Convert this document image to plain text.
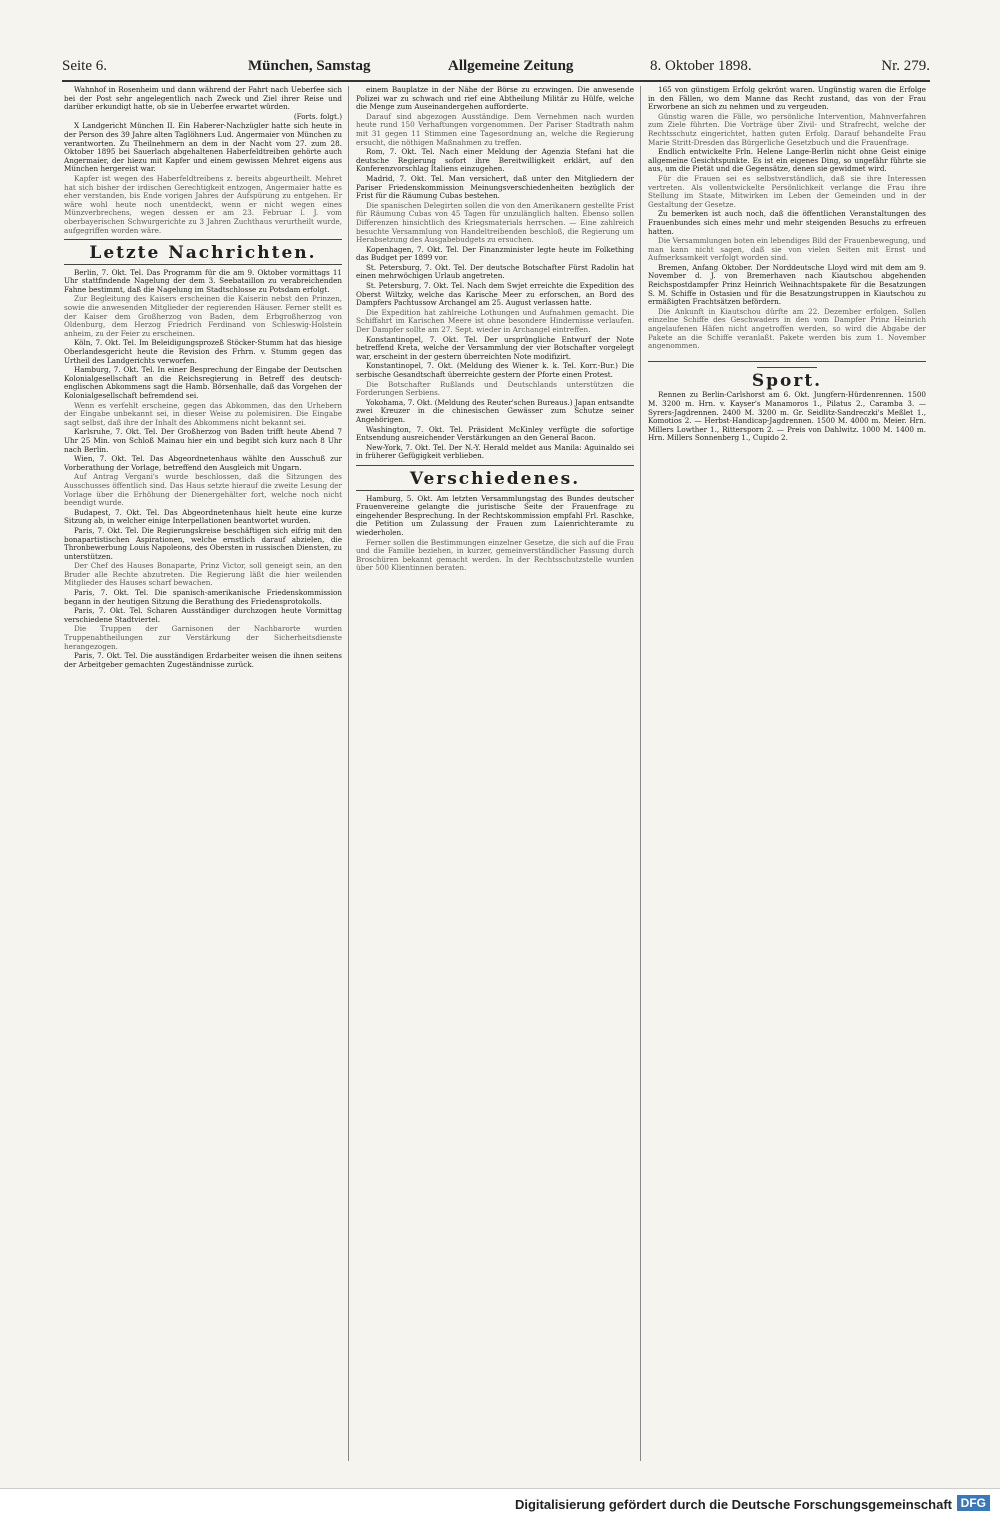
Seite 6.	München, Samstag	Allgemeine Zeitung	8. Oktober 1898.	Nr. 279.

Wahnhof in Rosenheim und dann während der Fahrt nach Ueberfee sich bei der Post sehr angelegentlich nach Zweck und Ziel ihrer Reise und darüber erkundigt hatte, ob sie in Ueberfee erwartet würden.

(Forts. folgt.)

X Landgericht München II. Ein Haberer-Nachzügler hatte sich heute in der Person des 39 Jahre alten Taglöhners Lud. Angermaier von München zu verantworten. Zu Theilnehmern an dem in der Nacht vom 27. zum 28. Oktober 1895 bei Sauerlach abgehaltenen Haberfeldtreiben gehörte auch Angermaier, der hiezu mit Kapfer und einem gewissen Mehret eigens aus München hergereist war.

Kapfer ist wegen des Haberfeldtreibens z. bereits abgeurtheilt. Mehret hat sich bisher der irdischen Gerechtigkeit entzogen, Angermaier hatte es eher verstanden, bis Ende vorigen Jahres der Aufspürung zu entgehen. Er wäre wohl heute noch unentdeckt, wenn er nicht wegen eines Münzverbrechens, wegen dessen er am 23. Februar l. J. vom oberbayerischen Schwurgerichte zu 3 Jahren Zuchthaus verurtheilt wurde, aufgegriffen worden wäre.

Letzte Nachrichten.

Berlin, 7. Okt. Tel. Das Programm für die am 9. Oktober vormittags 11 Uhr stattfindende Nagelung der dem 3. Seebataillon zu verabreichenden Fahne bestimmt, daß die Nagelung im Stadtschlosse zu Potsdam erfolgt.

Zur Begleitung des Kaisers erscheinen die Kaiserin nebst den Prinzen, sowie die anwesenden Mitglieder der regierenden Häuser. Ferner stellt es der Kaiser dem Großherzog von Baden, dem Erbgroßherzog von Oldenburg, dem Herzog Friedrich Ferdinand von Schleswig-Holstein anheim, zu der Feier zu erscheinen.

Köln, 7. Okt. Tel. Im Beleidigungsprozeß Stöcker-Stumm hat das hiesige Oberlandesgericht heute die Revision des Frhrn. v. Stumm gegen das Urtheil des Landgerichts verworfen.

Hamburg, 7. Okt. Tel. In einer Besprechung der Eingabe der Deutschen Kolonialgesellschaft an die Reichsregierung in Betreff des deutsch-englischen Abkommens sagt die Hamb. Börsenhalle, daß das Vorgehen der Kolonialgesellschaft befremdend sei.

Wenn es verfehlt erscheine, gegen das Abkommen, das den Urhebern der Eingabe unbekannt sei, in dieser Weise zu polemisiren. Die Eingabe sagt selbst, daß ihre der Inhalt des Abkommens nicht bekannt sei.

Karlsruhe, 7. Okt. Tel. Der Großherzog von Baden trifft heute Abend 7 Uhr 25 Min. von Schloß Mainau hier ein und begibt sich kurz nach 8 Uhr nach Berlin.

Wien, 7. Okt. Tel. Das Abgeordnetenhaus wählte den Ausschuß zur Vorberathung der Vorlage, betreffend den Ausgleich mit Ungarn.

Auf Antrag Vergani's wurde beschlossen, daß die Sitzungen des Ausschusses öffentlich sind. Das Haus setzte hierauf die zweite Lesung der Vorlage über die Erhöhung der Dienergehälter fort, welche noch nicht beendigt wurde.

Budapest, 7. Okt. Tel. Das Abgeordnetenhaus hielt heute eine kurze Sitzung ab, in welcher einige Interpellationen beantwortet wurden.

Paris, 7. Okt. Tel. Die Regierungskreise beschäftigen sich eifrig mit den bonapartistischen Aspirationen, welche ernstlich darauf abzielen, die Thronbewerbung Louis Napoleons, des Obersten in russischen Diensten, zu unterstützen.

Der Chef des Hauses Bonaparte, Prinz Victor, soll geneigt sein, an den Bruder alle Rechte abzutreten. Die Regierung läßt die hier weilenden Mitglieder des Hauses scharf bewachen.

Paris, 7. Okt. Tel. Die spanisch-amerikanische Friedenskommission begann in der heutigen Sitzung die Berathung des Friedensprotokolls.

Paris, 7. Okt. Tel. Scharen Ausständiger durchzogen heute Vormittag verschiedene Stadtviertel.

Die Truppen der Garnisonen der Nachbarorte wurden Truppenabtheilungen zur Verstärkung der Sicherheitsdienste herangezogen.

Paris, 7. Okt. Tel. Die ausständigen Erdarbeiter weisen die ihnen seitens der Arbeitgeber gemachten Zugeständnisse zurück.

einem Bauplatze in der Nähe der Börse zu erzwingen. Die anwesende Polizei war zu schwach und rief eine Abtheilung Militär zu Hülfe, welche die Menge zum Auseinandergehen aufforderte.

Darauf sind abgezogen Ausständige. Dem Vernehmen nach wurden heute rund 150 Verhaftungen vorgenommen. Der Pariser Stadtrath nahm mit 31 gegen 11 Stimmen eine Tagesordnung an, welche die Regierung ersucht, die nöthigen Maßnahmen zu treffen.

Rom, 7. Okt. Tel. Nach einer Meldung der Agenzia Stefani hat die deutsche Regierung sofort ihre Bereitwilligkeit erklärt, auf den Konferenzvorschlag Italiens einzugehen.

Madrid, 7. Okt. Tel. Man versichert, daß unter den Mitgliedern der Pariser Friedenskommission Meinungsverschiedenheiten bezüglich der Frist für die Räumung Cubas bestehen.

Die spanischen Delegirten sollen die von den Amerikanern gestellte Frist für Räumung Cubas von 45 Tagen für unzulänglich halten. Ebenso sollen Differenzen hinsichtlich des Kriegsmaterials herrschen. — Eine zahlreich besuchte Versammlung von Handeltreibenden beschloß, die Regierung um Herabsetzung des Ausgabebudgets zu ersuchen.

Kopenhagen, 7. Okt. Tel. Der Finanzminister legte heute im Folkething das Budget per 1899 vor.

St. Petersburg, 7. Okt. Tel. Der deutsche Botschafter Fürst Radolin hat einen mehrwöchigen Urlaub angetreten.

St. Petersburg, 7. Okt. Tel. Nach dem Swjet erreichte die Expedition des Oberst Wiltzky, welche das Karische Meer zu erforschen, an Bord des Dampfers Pachtussow Archangel am 25. August verlassen hatte.

Die Expedition hat zahlreiche Lothungen und Aufnahmen gemacht. Die Schiffahrt im Karischen Meere ist ohne besondere Hindernisse verlaufen. Der Dampfer sollte am 27. Sept. wieder in Archangel eintreffen.

Konstantinopel, 7. Okt. Tel. Der ursprüngliche Entwurf der Note betreffend Kreta, welche der Versammlung der vier Botschafter vorgelegt war, erscheint in der gestern überreichten Note modifizirt.

Konstantinopel, 7. Okt. (Meldung des Wiener k. k. Tel. Korr.-Bur.) Die serbische Gesandtschaft überreichte gestern der Pforte einen Protest.

Die Botschafter Rußlands und Deutschlands unterstützen die Forderungen Serbiens.

Yokohama, 7. Okt. (Meldung des Reuter'schen Bureaus.) Japan entsandte zwei Kreuzer in die chinesischen Gewässer zum Schutze seiner Angehörigen.

Washington, 7. Okt. Tel. Präsident McKinley verfügte die sofortige Entsendung ausreichender Verstärkungen an den General Bacon.

New-York, 7. Okt. Tel. Der N.-Y. Herald meldet aus Manila: Aguinaldo sei in früherer Gefügigkeit verblieben.

Verschiedenes.

Hamburg, 5. Okt. Am letzten Versammlungstag des Bundes deutscher Frauenvereine gelangte die juristische Seite der Frauenfrage zu eingehender Besprechung. In der Rechtskommission empfahl Frl. Raschke, die Petition um Zulassung der Frauen zum Laienrichteramte zu wiederholen.

Ferner sollen die Bestimmungen einzelner Gesetze, die sich auf die Frau und die Familie beziehen, in kurzer, gemeinverständlicher Fassung durch Broschüren bekannt gemacht werden. In der Rechtsschutzstelle wurden über 500 Klientinnen beraten.

165 von günstigem Erfolg gekrönt waren. Ungünstig waren die Erfolge in den Fällen, wo dem Manne das Recht zustand, das von der Frau Erworbene an sich zu nehmen und zu vergeuden.

Günstig waren die Fälle, wo persönliche Intervention, Mahnverfahren zum Ziele führten. Die Vorträge über Zivil- und Strafrecht, welche der Rechtsschutz eingerichtet, hatten guten Erfolg. Darauf behandelte Frau Marie Stritt-Dresden das Bürgerliche Gesetzbuch und die Frauenfrage.

Endlich entwickelte Frln. Helene Lange-Berlin nicht ohne Geist einige allgemeine Gesichtspunkte. Es ist ein eigenes Ding, so ungefähr führte sie aus, um die Pietät und die Gegensätze, denen sie gewidmet wird.

Für die Frauen sei es selbstverständlich, daß sie ihre Interessen vertreten. Als vollentwickelte Persönlichkeit verlange die Frau ihre Stellung im Staate, Mitwirken im Leben der Gemeinden und in der Gestaltung der Gesetze.

Zu bemerken ist auch noch, daß die öffentlichen Veranstaltungen des Frauenbundes sich eines mehr und mehr steigenden Besuchs zu erfreuen hatten.

Die Versammlungen boten ein lebendiges Bild der Frauenbewegung, und man kann nicht sagen, daß sie von vielen Seiten mit Ernst und Aufmerksamkeit verfolgt worden sind.

Bremen, Anfang Oktober. Der Norddeutsche Lloyd wird mit dem am 9. November d. J. von Bremerhaven nach Kiautschou abgehenden Reichspostdampfer Prinz Heinrich Weihnachtspakete für die Besatzungen S. M. Schiffe in Ostasien und für die Besatzungstruppen in Kiautschou zu ermäßigten Frachtsätzen befördern.

Die Ankunft in Kiautschou dürfte am 22. Dezember erfolgen. Sollen einzelne Schiffe des Geschwaders in den vom Dampfer Prinz Heinrich angelaufenen Häfen nicht angetroffen werden, so wird die Abgabe der Pakete an die Schiffe veranlaßt. Pakete werden bis zum 1. November angenommen.

Sport.

Rennen zu Berlin-Carlshorst am 6. Okt. Jungfern-Hürdenrennen. 1500 M. 3200 m. Hrn. v. Kayser's Manamoros 1., Pilatus 2., Caramba 3. — Syrers-Jagdrennen. 2400 M. 3200 m. Gr. Seidlitz-Sandreczki's Meßlet 1., Komotios 2. — Herbst-Handicap-Jagdrennen. 1500 M. 4000 m. Meier. Hrn. Millers Lowther 1., Rittersporn 2. — Preis von Dahlwitz. 1000 M. 1400 m. Hrn. Millers Sonnenberg 1., Cupido 2.

Digitalisierung gefördert durch die Deutsche Forschungsgemeinschaft DFG
